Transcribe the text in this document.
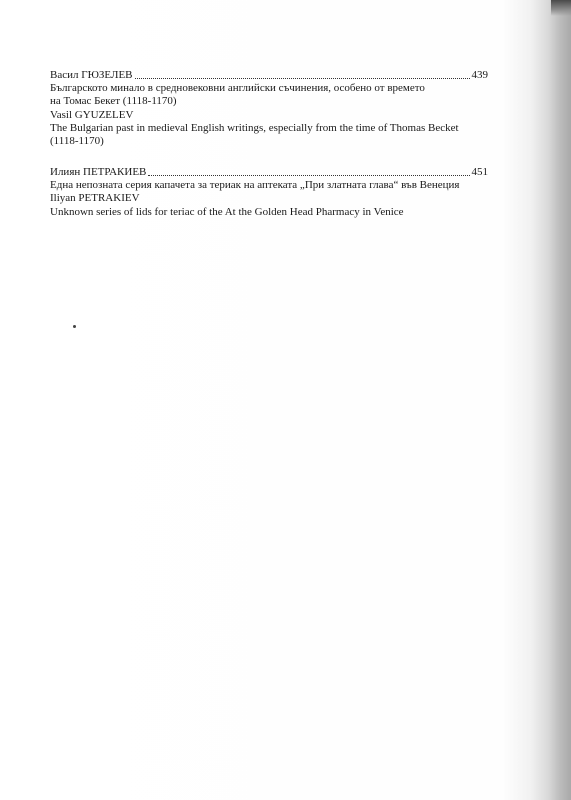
Васил ГЮЗЕЛЕВ	439
Българското минало в средновековни английски съчинения, особено от времето
на Томас Бекет (1118-1170)
Vasil GYUZELEV
The Bulgarian past in medieval English writings, especially from the time of Thomas Becket
(1118-1170)
Илиян ПЕТРАКИЕВ	451
Една непозната серия капачета за териак на аптеката „При златната глава“ във Венеция
Iliyan PETRAKIEV
Unknown series of lids for teriac of the At the Golden Head Pharmacy in Venice
